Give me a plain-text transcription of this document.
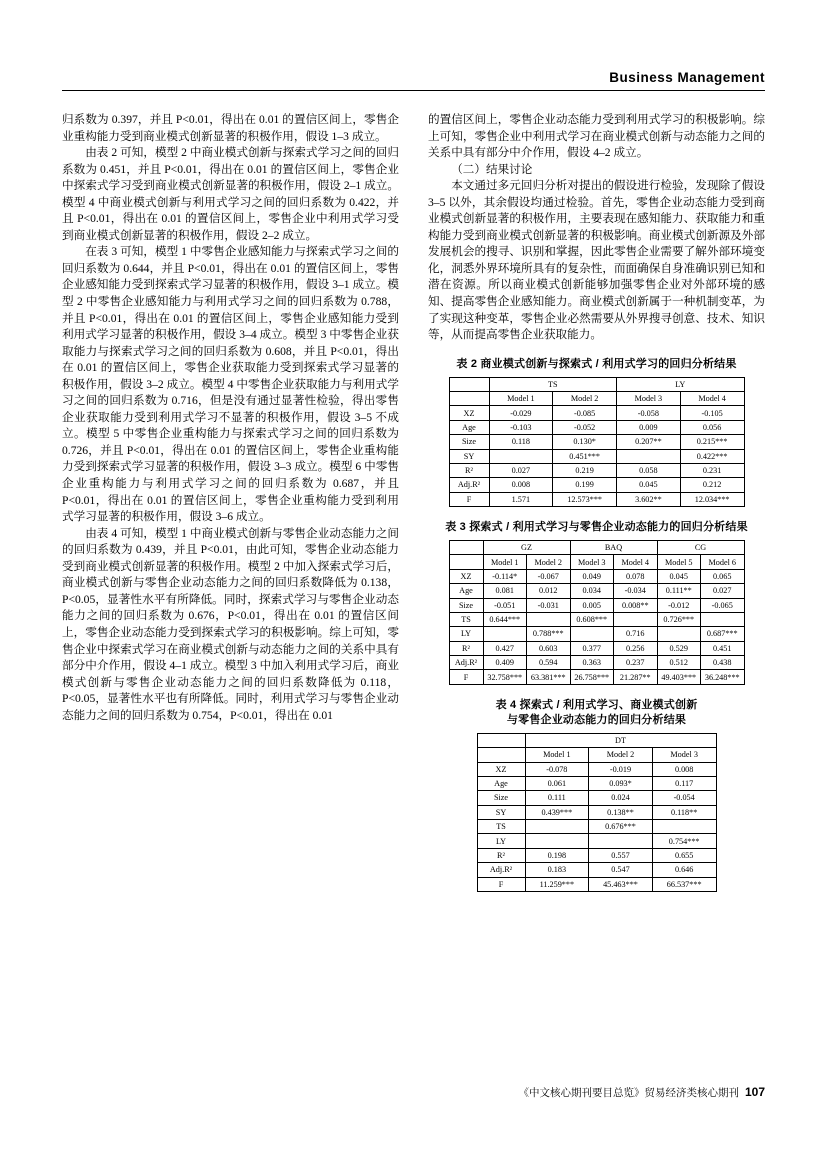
Business Management

归系数为 0.397，并且 P<0.01，得出在 0.01 的置信区间上，零售企业重构能力受到商业模式创新显著的积极作用，假设 1–3 成立。

由表 2 可知，模型 2 中商业模式创新与探索式学习之间的回归系数为 0.451，并且 P<0.01，得出在 0.01 的置信区间上，零售企业中探索式学习受到商业模式创新显著的积极作用，假设 2–1 成立。模型 4 中商业模式创新与利用式学习之间的回归系数为 0.422，并且 P<0.01，得出在 0.01 的置信区间上，零售企业中利用式学习受到商业模式创新显著的积极作用，假设 2–2 成立。

在表 3 可知，模型 1 中零售企业感知能力与探索式学习之间的回归系数为 0.644，并且 P<0.01，得出在 0.01 的置信区间上，零售企业感知能力受到探索式学习显著的积极作用，假设 3–1 成立。模型 2 中零售企业感知能力与利用式学习之间的回归系数为 0.788，并且 P<0.01，得出在 0.01 的置信区间上，零售企业感知能力受到利用式学习显著的积极作用，假设 3–4 成立。模型 3 中零售企业获取能力与探索式学习之间的回归系数为 0.608，并且 P<0.01，得出在 0.01 的置信区间上，零售企业获取能力受到探索式学习显著的积极作用，假设 3–2 成立。模型 4 中零售企业获取能力与利用式学习之间的回归系数为 0.716，但是没有通过显著性检验，得出零售企业获取能力受到利用式学习不显著的积极作用，假设 3–5 不成立。模型 5 中零售企业重构能力与探索式学习之间的回归系数为 0.726，并且 P<0.01，得出在 0.01 的置信区间上，零售企业重构能力受到探索式学习显著的积极作用，假设 3–3 成立。模型 6 中零售企业重构能力与利用式学习之间的回归系数为 0.687，并且 P<0.01，得出在 0.01 的置信区间上，零售企业重构能力受到利用式学习显著的积极作用，假设 3–6 成立。

由表 4 可知，模型 1 中商业模式创新与零售企业动态能力之间的回归系数为 0.439，并且 P<0.01，由此可知，零售企业动态能力受到商业模式创新显著的积极作用。模型 2 中加入探索式学习后，商业模式创新与零售企业动态能力之间的回归系数降低为 0.138，P<0.05，显著性水平有所降低。同时，探索式学习与零售企业动态能力之间的回归系数为 0.676，P<0.01，得出在 0.01 的置信区间上，零售企业动态能力受到探索式学习的积极影响。综上可知，零售企业中探索式学习在商业模式创新与动态能力之间的关系中具有部分中介作用，假设 4–1 成立。模型 3 中加入利用式学习后，商业模式创新与零售企业动态能力之间的回归系数降低为 0.118，P<0.05，显著性水平也有所降低。同时，利用式学习与零售企业动态能力之间的回归系数为 0.754，P<0.01，得出在 0.01

的置信区间上，零售企业动态能力受到利用式学习的积极影响。综上可知，零售企业中利用式学习在商业模式创新与动态能力之间的关系中具有部分中介作用，假设 4–2 成立。

（二）结果讨论

本文通过多元回归分析对提出的假设进行检验，发现除了假设 3–5 以外，其余假设均通过检验。首先，零售企业动态能力受到商业模式创新显著的积极作用，主要表现在感知能力、获取能力和重构能力受到商业模式创新显著的积极影响。商业模式创新源及外部发展机会的搜寻、识别和掌握，因此零售企业需要了解外部环境变化，洞悉外界环境所具有的复杂性，而面确保自身准确识别已知和潜在资源。所以商业模式创新能够加强零售企业对外部环境的感知、提高零售企业感知能力。商业模式创新属于一种机制变革，为了实现这种变革，零售企业必然需要从外界搜寻创意、技术、知识等，从而提高零售企业获取能力。

表 2 商业模式创新与探索式 / 利用式学习的回归分析结果
	TS		LY	
	Model 1	Model 2	Model 3	Model 4
XZ	-0.029	-0.085	-0.058	-0.105
Age	-0.103	-0.052	0.009	0.056
Size	0.118	0.130*	0.207**	0.215***
SY		0.451***		0.422***
R²	0.027	0.219	0.058	0.231
Adj.R²	0.008	0.199	0.045	0.212
F	1.571	12.573***	3.602**	12.034***
表 3 探索式 / 利用式学习与零售企业动态能力的回归分析结果
	GZ		BAQ		CG	
	Model 1	Model 2	Model 3	Model 4	Model 5	Model 6
XZ	-0.114*	-0.067	0.049	0.078	0.045	0.065
Age	0.081	0.012	0.034	-0.034	0.111**	0.027
Size	-0.051	-0.031	0.005	0.008**	-0.012	-0.065
TS	0.644***		0.608***		0.726***	
LY		0.788***		0.716		0.687***
R²	0.427	0.603	0.377	0.256	0.529	0.451
Adj.R²	0.409	0.594	0.363	0.237	0.512	0.438
F	32.758***	63.381***	26.758***	21.287**	49.403***	36.248***
表 4 探索式 / 利用式学习、商业模式创新
与零售企业动态能力的回归分析结果
	DT		
	Model 1	Model 2	Model 3
XZ	-0.078	-0.019	0.008
Age	0.061	0.093*	0.117
Size	0.111	0.024	-0.054
SY	0.439***	0.138**	0.118**
TS		0.676***	
LY			0.754***
R²	0.198	0.557	0.655
Adj.R²	0.183	0.547	0.646
F	11.259***	45.463***	66.537***
《中文核心期刊要目总览》贸易经济类核心期刊 107
